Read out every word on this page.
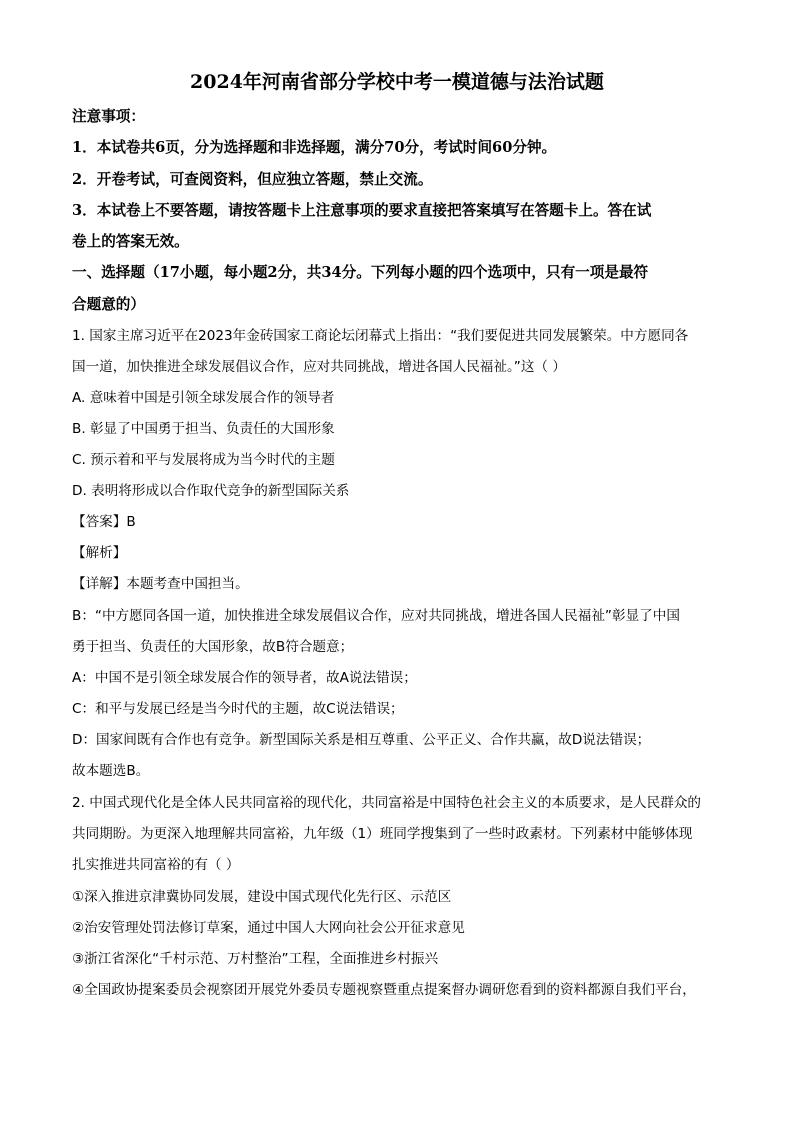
2024年河南省部分学校中考一模道德与法治试题
注意事项：
1．本试卷共6页，分为选择题和非选择题，满分70分，考试时间60分钟。
2．开卷考试，可查阅资料，但应独立答题，禁止交流。
3．本试卷上不要答题，请按答题卡上注意事项的要求直接把答案填写在答题卡上。答在试
卷上的答案无效。
一、选择题（17小题，每小题2分，共34分。下列每小题的四个选项中，只有一项是最符
合题意的）
1. 国家主席习近平在2023年金砖国家工商论坛闭幕式上指出：“我们要促进共同发展繁荣。中方愿同各
国一道，加快推进全球发展倡议合作，应对共同挑战，增进各国人民福祉。”这（ ）
A. 意味着中国是引领全球发展合作的领导者
B. 彰显了中国勇于担当、负责任的大国形象
C. 预示着和平与发展将成为当今时代的主题
D. 表明将形成以合作取代竞争的新型国际关系
【答案】B
【解析】
【详解】本题考查中国担当。
B：“中方愿同各国一道，加快推进全球发展倡议合作，应对共同挑战，增进各国人民福祉”彰显了中国
勇于担当、负责任的大国形象，故B符合题意；
A：中国不是引领全球发展合作的领导者，故A说法错误；
C：和平与发展已经是当今时代的主题，故C说法错误；
D：国家间既有合作也有竞争。新型国际关系是相互尊重、公平正义、合作共赢，故D说法错误；
故本题选B。
2. 中国式现代化是全体人民共同富裕的现代化，共同富裕是中国特色社会主义的本质要求，是人民群众的
共同期盼。为更深入地理解共同富裕，九年级（1）班同学搜集到了一些时政素材。下列素材中能够体现
扎实推进共同富裕的有（ ）
①深入推进京津冀协同发展，建设中国式现代化先行区、示范区
②治安管理处罚法修订草案，通过中国人大网向社会公开征求意见
③浙江省深化“千村示范、万村整治”工程，全面推进乡村振兴
④全国政协提案委员会视察团开展党外委员专题视察暨重点提案督办调研您看到的资料都源自我们平台，
